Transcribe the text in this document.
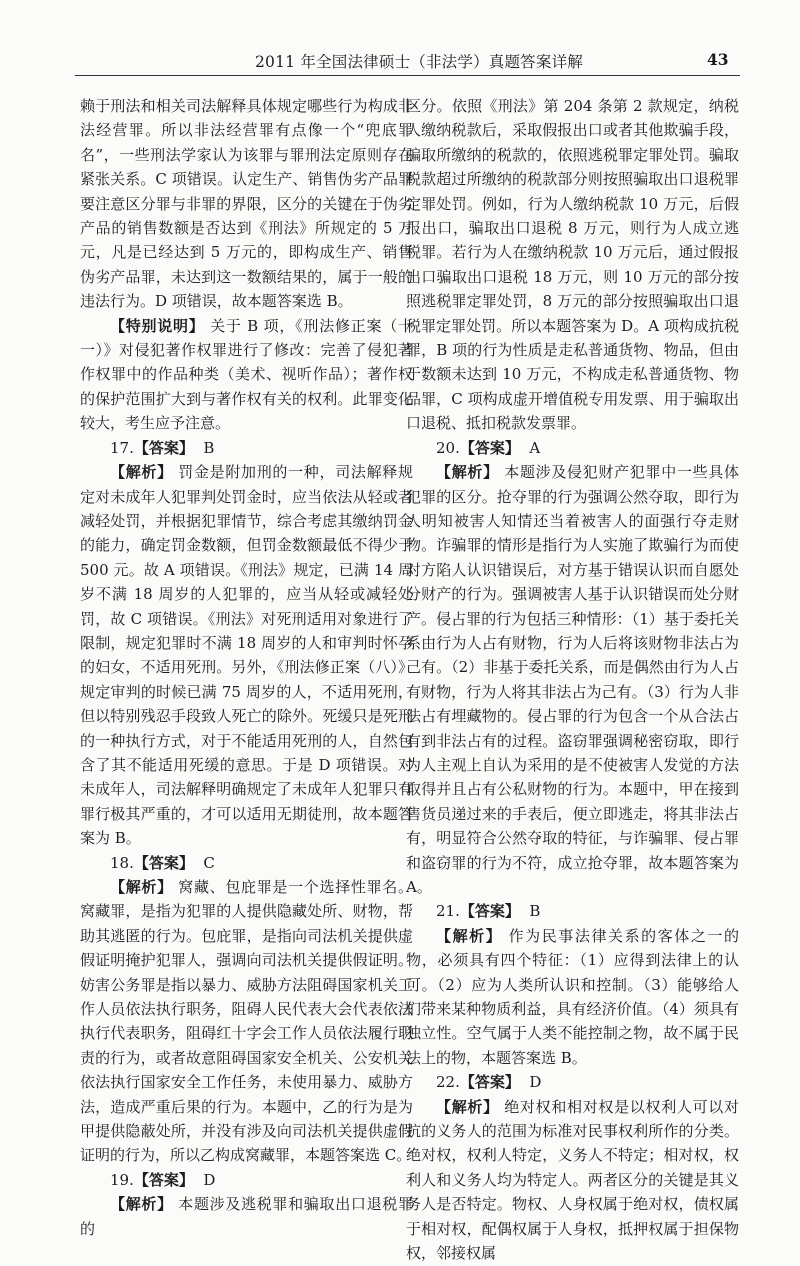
2011 年全国法律硕士（非法学）真题答案详解	43

赖于刑法和相关司法解释具体规定哪些行为构成非法经营罪。所以非法经营罪有点像一个“兜底罪名”，一些刑法学家认为该罪与罪刑法定原则存在紧张关系。C 项错误。认定生产、销售伪劣产品罪要注意区分罪与非罪的界限，区分的关键在于伪劣产品的销售数额是否达到《刑法》所规定的 5 万元，凡是已经达到 5 万元的，即构成生产、销售伪劣产品罪，未达到这一数额结果的，属于一般的违法行为。D 项错误，故本题答案选 B。

【特别说明】 关于 B 项，《刑法修正案（十一）》对侵犯著作权罪进行了修改：完善了侵犯著作权罪中的作品种类（美术、视听作品）；著作权的保护范围扩大到与著作权有关的权利。此罪变化较大，考生应予注意。

17.【答案】 B

【解析】 罚金是附加刑的一种，司法解释规定对未成年人犯罪判处罚金时，应当依法从轻或者减轻处罚，并根据犯罪情节，综合考虑其缴纳罚金的能力，确定罚金数额，但罚金数额最低不得少于 500 元。故 A 项错误。《刑法》规定，已满 14 周岁不满 18 周岁的人犯罪的，应当从轻或减轻处罚，故 C 项错误。《刑法》对死刑适用对象进行了限制，规定犯罪时不满 18 周岁的人和审判时怀孕的妇女，不适用死刑。另外，《刑法修正案（八）》规定审判的时候已满 75 周岁的人，不适用死刑，但以特别残忍手段致人死亡的除外。死缓只是死刑的一种执行方式，对于不能适用死刑的人，自然包含了其不能适用死缓的意思。于是 D 项错误。对未成年人，司法解释明确规定了未成年人犯罪只有罪行极其严重的，才可以适用无期徒刑，故本题答案为 B。

18.【答案】 C

【解析】 窝藏、包庇罪是一个选择性罪名。窝藏罪，是指为犯罪的人提供隐藏处所、财物，帮助其逃匿的行为。包庇罪，是指向司法机关提供虚假证明掩护犯罪人，强调向司法机关提供假证明。妨害公务罪是指以暴力、威胁方法阻碍国家机关工作人员依法执行职务，阻碍人民代表大会代表依法执行代表职务，阻碍红十字会工作人员依法履行职责的行为，或者故意阻碍国家安全机关、公安机关依法执行国家安全工作任务，未使用暴力、威胁方法，造成严重后果的行为。本题中，乙的行为是为甲提供隐蔽处所，并没有涉及向司法机关提供虚假证明的行为，所以乙构成窝藏罪，本题答案选 C。

19.【答案】 D

【解析】 本题涉及逃税罪和骗取出口退税罪的

区分。依照《刑法》第 204 条第 2 款规定，纳税人缴纳税款后，采取假报出口或者其他欺骗手段，骗取所缴纳的税款的，依照逃税罪定罪处罚。骗取税款超过所缴纳的税款部分则按照骗取出口退税罪定罪处罚。例如，行为人缴纳税款 10 万元，后假报出口，骗取出口退税 8 万元，则行为人成立逃税罪。若行为人在缴纳税款 10 万元后，通过假报出口骗取出口退税 18 万元，则 10 万元的部分按照逃税罪定罪处罚，8 万元的部分按照骗取出口退税罪定罪处罚。所以本题答案为 D。A 项构成抗税罪，B 项的行为性质是走私普通货物、物品，但由于数额未达到 10 万元，不构成走私普通货物、物品罪，C 项构成虚开增值税专用发票、用于骗取出口退税、抵扣税款发票罪。

20.【答案】 A

【解析】 本题涉及侵犯财产犯罪中一些具体犯罪的区分。抢夺罪的行为强调公然夺取，即行为人明知被害人知情还当着被害人的面强行夺走财物。诈骗罪的情形是指行为人实施了欺骗行为而使对方陷人认识错误后，对方基于错误认识而自愿处分财产的行为。强调被害人基于认识错误而处分财产。侵占罪的行为包括三种情形：（1）基于委托关系由行为人占有财物，行为人后将该财物非法占为己有。（2）非基于委托关系，而是偶然由行为人占有财物，行为人将其非法占为己有。（3）行为人非法占有埋藏物的。侵占罪的行为包含一个从合法占有到非法占有的过程。盗窃罪强调秘密窃取，即行为人主观上自认为采用的是不使被害人发觉的方法取得并且占有公私财物的行为。本题中，甲在接到售货员递过来的手表后，便立即逃走，将其非法占有，明显符合公然夺取的特征，与诈骗罪、侵占罪和盗窃罪的行为不符，成立抢夺罪，故本题答案为 A。

21.【答案】 B

【解析】 作为民事法律关系的客体之一的物，必须具有四个特征：（1）应得到法律上的认可。（2）应为人类所认识和控制。（3）能够给人们带来某种物质利益，具有经济价值。（4）须具有独立性。空气属于人类不能控制之物，故不属于民法上的物，本题答案选 B。

22.【答案】 D

【解析】 绝对权和相对权是以权利人可以对抗的义务人的范围为标准对民事权利所作的分类。绝对权，权利人特定，义务人不特定；相对权，权利人和义务人均为特定人。两者区分的关键是其义务人是否特定。物权、人身权属于绝对权，债权属于相对权，配偶权属于人身权，抵押权属于担保物权，邻接权属
